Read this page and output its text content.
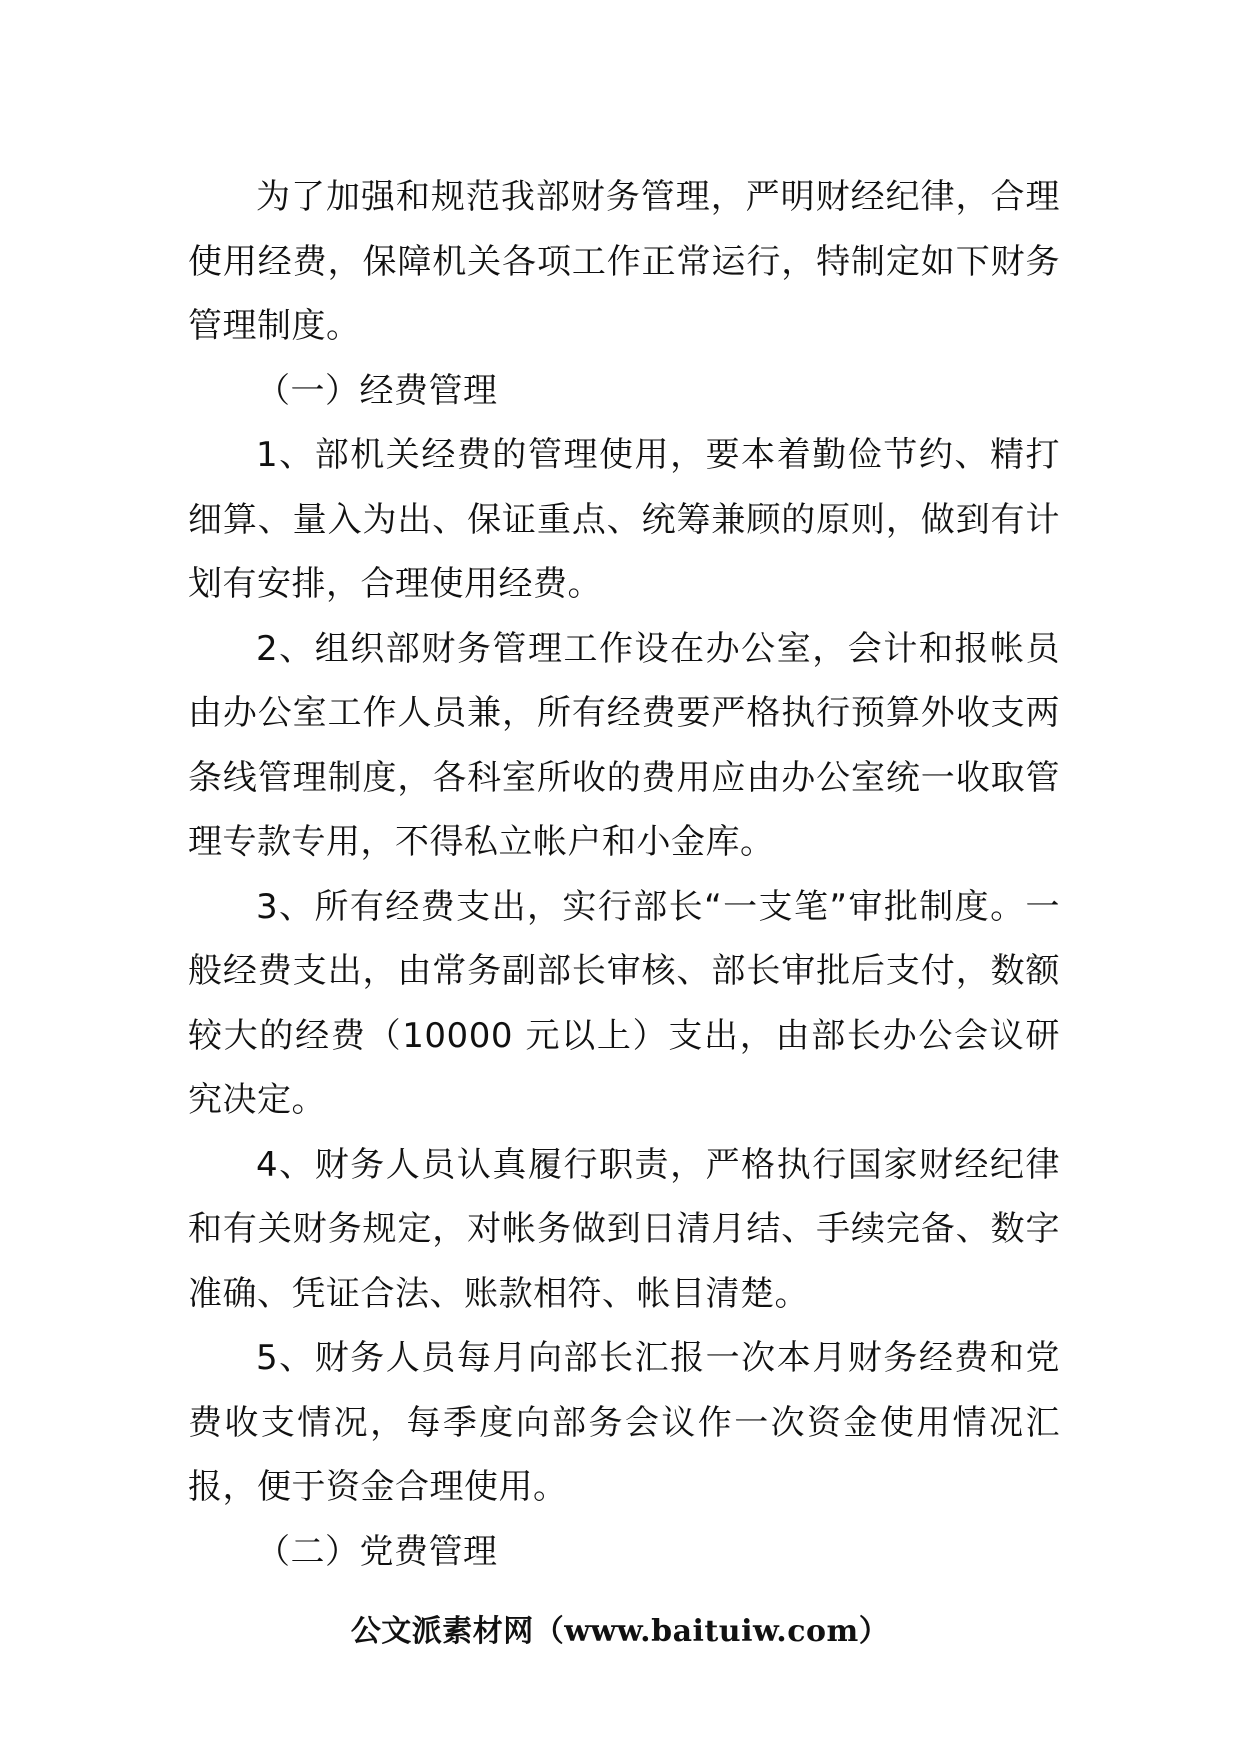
为了加强和规范我部财务管理，严明财经纪律，合理使用经费，保障机关各项工作正常运行，特制定如下财务管理制度。

（一）经费管理

1、部机关经费的管理使用，要本着勤俭节约、精打细算、量入为出、保证重点、统筹兼顾的原则，做到有计划有安排，合理使用经费。

2、组织部财务管理工作设在办公室，会计和报帐员由办公室工作人员兼，所有经费要严格执行预算外收支两条线管理制度，各科室所收的费用应由办公室统一收取管理专款专用，不得私立帐户和小金库。

3、所有经费支出，实行部长“一支笔”审批制度。一般经费支出，由常务副部长审核、部长审批后支付，数额较大的经费（10000 元以上）支出，由部长办公会议研究决定。

4、财务人员认真履行职责，严格执行国家财经纪律和有关财务规定，对帐务做到日清月结、手续完备、数字准确、凭证合法、账款相符、帐目清楚。

5、财务人员每月向部长汇报一次本月财务经费和党费收支情况，每季度向部务会议作一次资金使用情况汇报，便于资金合理使用。

（二）党费管理

公文派素材网（www.baituiw.com）
